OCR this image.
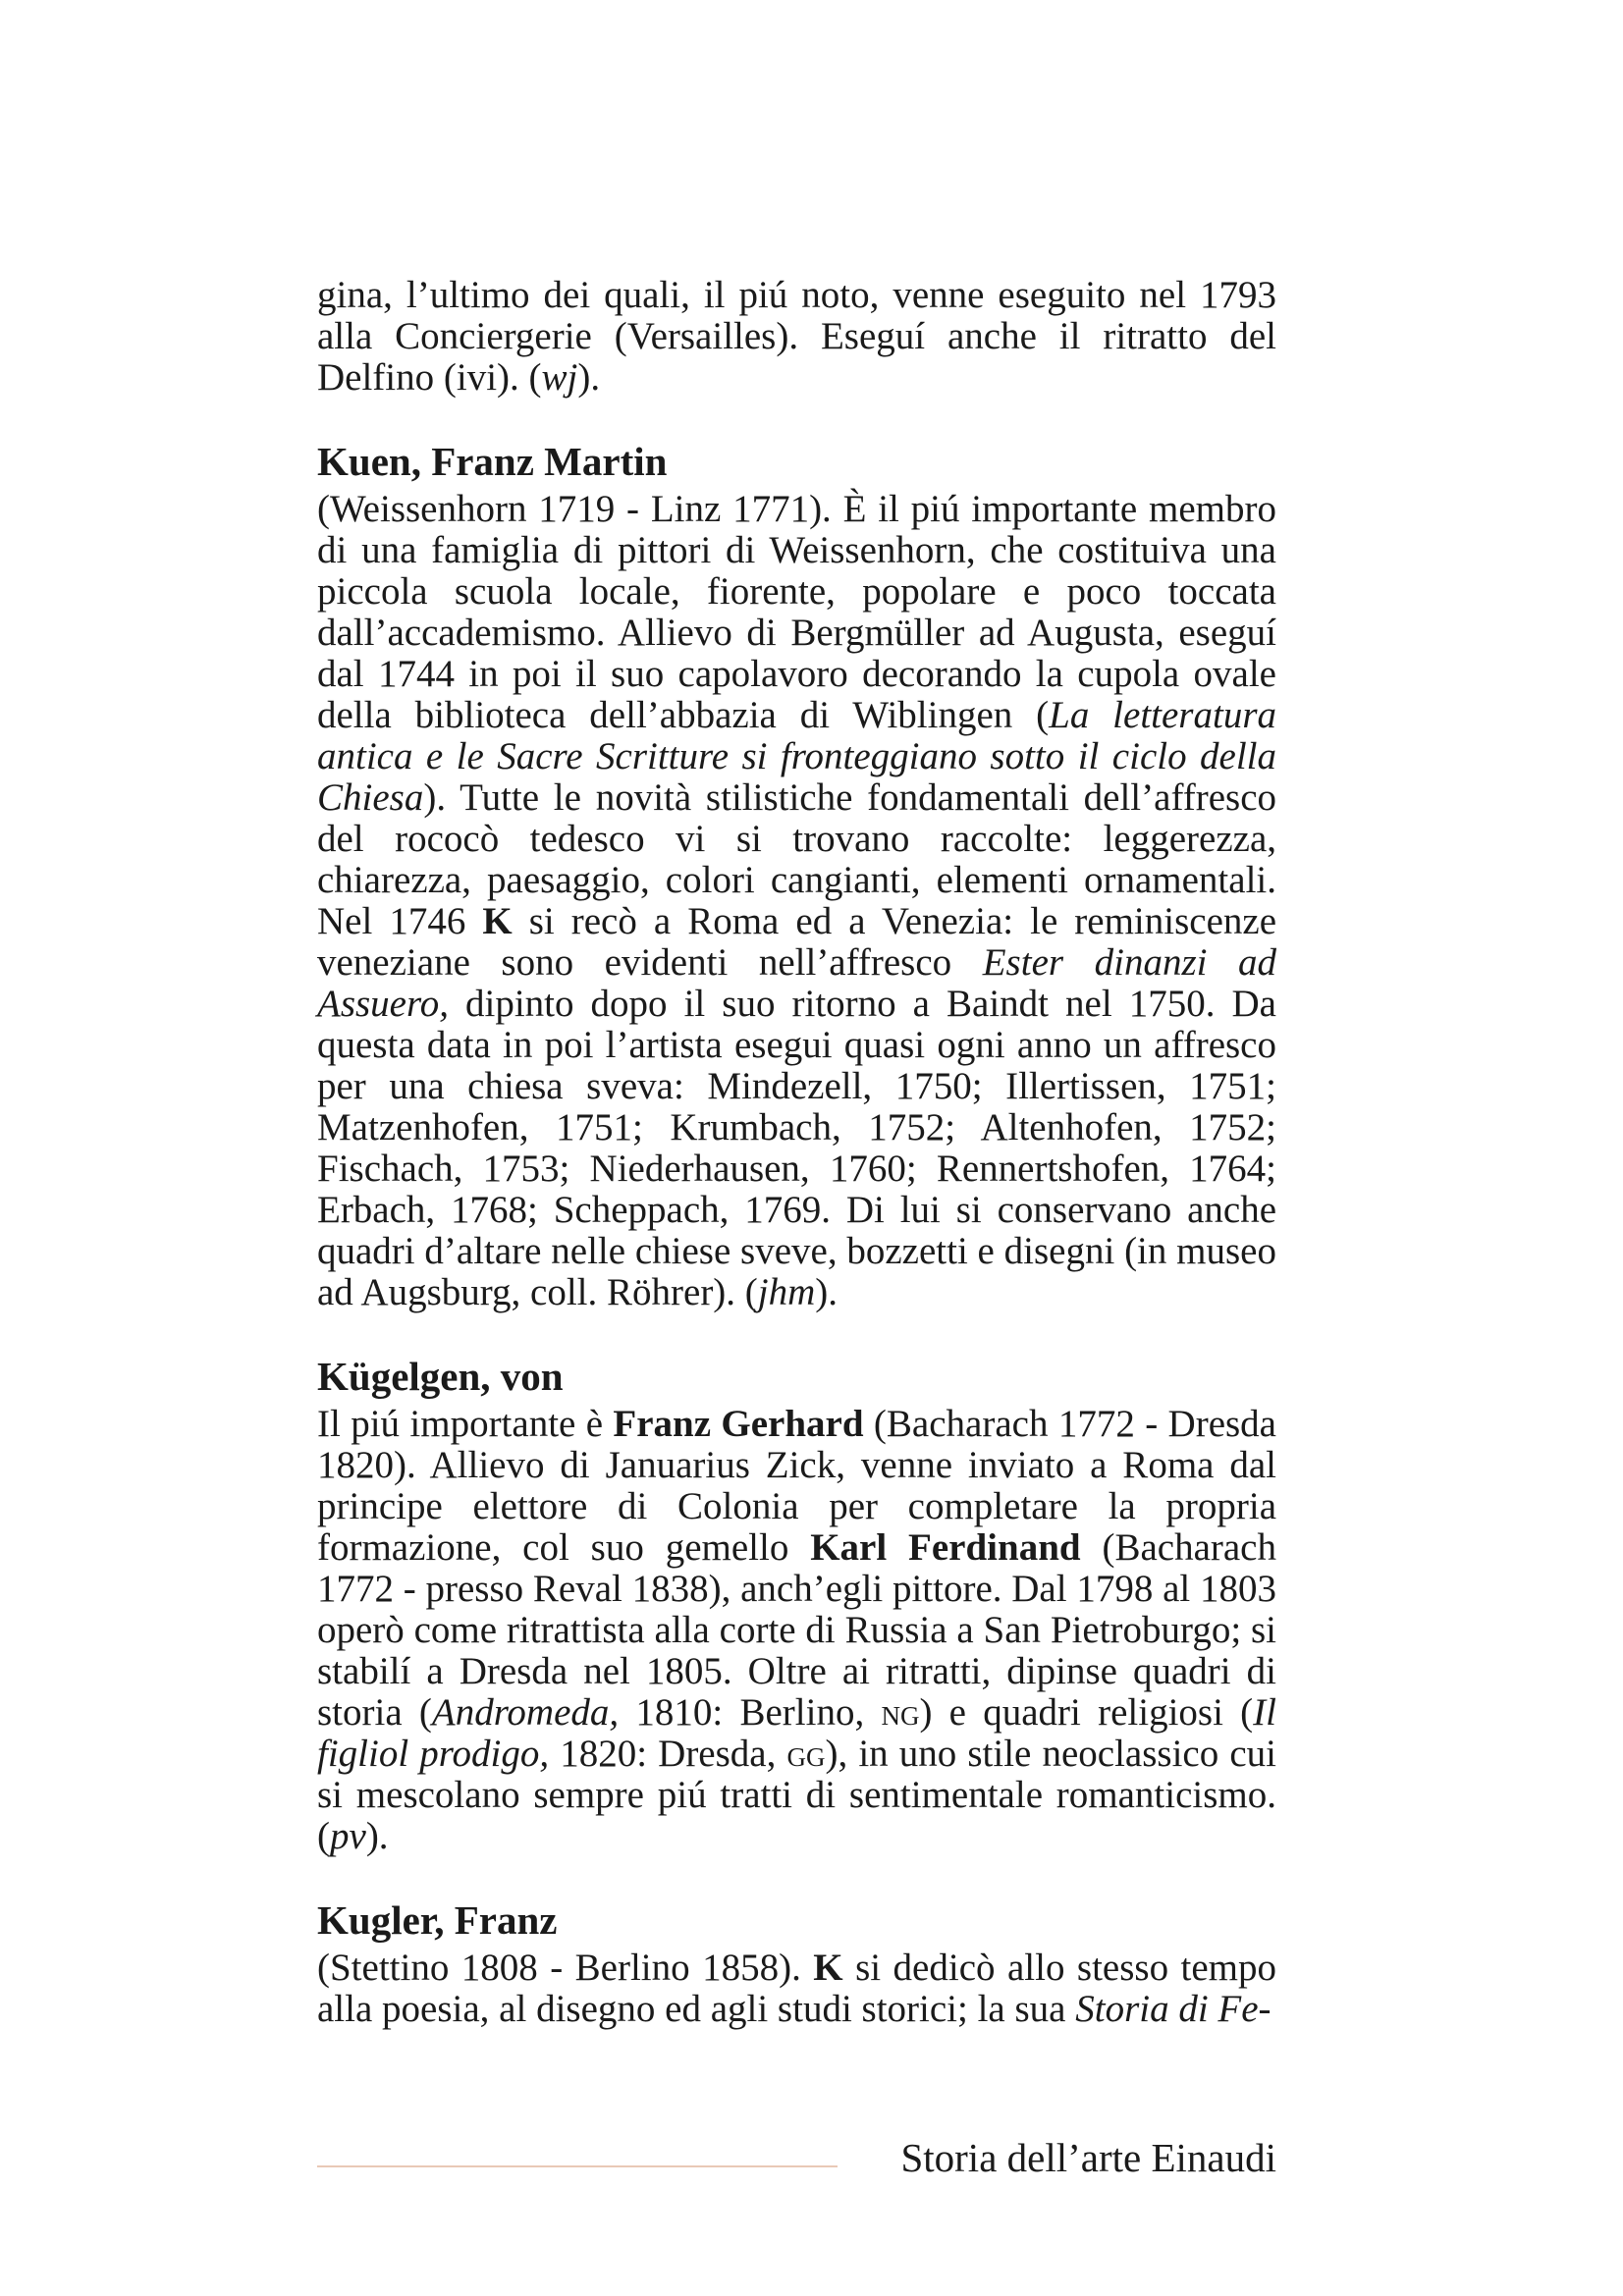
gina, l’ultimo dei quali, il piú noto, venne eseguito nel 1793 alla Conciergerie (Versailles). Eseguí anche il ritratto del Delfino (ivi). (wj).

Kuen, Franz Martin

(Weissenhorn 1719 - Linz 1771). È il piú importante membro di una famiglia di pittori di Weissenhorn, che costituiva una piccola scuola locale, fiorente, popolare e poco toccata dall’accademismo. Allievo di Bergmüller ad Augusta, eseguí dal 1744 in poi il suo capolavoro decorando la cupola ovale della biblioteca dell’abbazia di Wiblingen (La letteratura antica e le Sacre Scritture si fronteggiano sotto il ciclo della Chiesa). Tutte le novità stilistiche fondamentali dell’affresco del rococò tedesco vi si trovano raccolte: leggerezza, chiarezza, paesaggio, colori cangianti, elementi ornamentali. Nel 1746 K si recò a Roma ed a Venezia: le reminiscenze veneziane sono evidenti nell’affresco Ester dinanzi ad Assuero, dipinto dopo il suo ritorno a Baindt nel 1750. Da questa data in poi l’artista esegui quasi ogni anno un affresco per una chiesa sveva: Mindezell, 1750; Illertissen, 1751; Matzenhofen, 1751; Krumbach, 1752; Altenhofen, 1752; Fischach, 1753; Niederhausen, 1760; Rennertshofen, 1764; Erbach, 1768; Scheppach, 1769. Di lui si conservano anche quadri d’altare nelle chiese sveve, bozzetti e disegni (in museo ad Augsburg, coll. Röhrer). (jhm).

Kügelgen, von

Il piú importante è Franz Gerhard (Bacharach 1772 - Dresda 1820). Allievo di Januarius Zick, venne inviato a Roma dal principe elettore di Colonia per completare la propria formazione, col suo gemello Karl Ferdinand (Bacharach 1772 - presso Reval 1838), anch’egli pittore. Dal 1798 al 1803 operò come ritrattista alla corte di Russia a San Pietroburgo; si stabilí a Dresda nel 1805. Oltre ai ritratti, dipinse quadri di storia (Andromeda, 1810: Berlino, ng) e quadri religiosi (Il figliol prodigo, 1820: Dresda, gg), in uno stile neoclassico cui si mescolano sempre piú tratti di sentimentale romanticismo. (pv).

Kugler, Franz

(Stettino 1808 - Berlino 1858). K si dedicò allo stesso tempo alla poesia, al disegno ed agli studi storici; la sua Storia di Fe-

Storia dell’arte Einaudi
